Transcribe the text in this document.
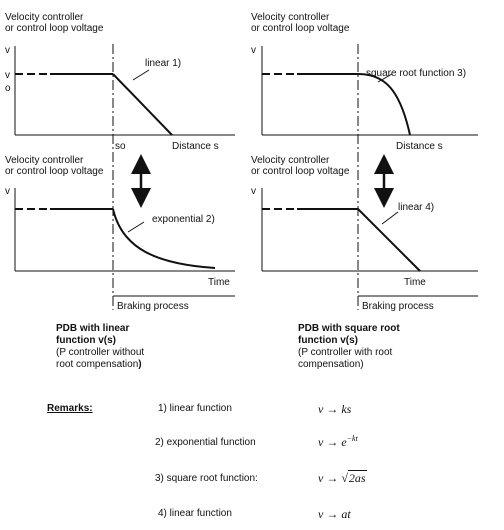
Velocity controller
or control loop voltage
v
v
o
linear 1)
so	Distance s
Velocity controller
or control loop voltage
v
square root function 3)
Distance s
Velocity controller
or control loop voltage
v
exponential 2)
Time
Braking process
Velocity controller
or control loop voltage
v
linear 4)
Time
Braking process
PDB with linear
function v(s)
(P controller without
root compensation)
PDB with square root
function v(s)
(P controller with root
compensation)
Remarks:	1) linear function	v → ks
2) exponential function	$v \to e^{-kt}$
3) square root function:	v → √2as
4) linear function	v → at
